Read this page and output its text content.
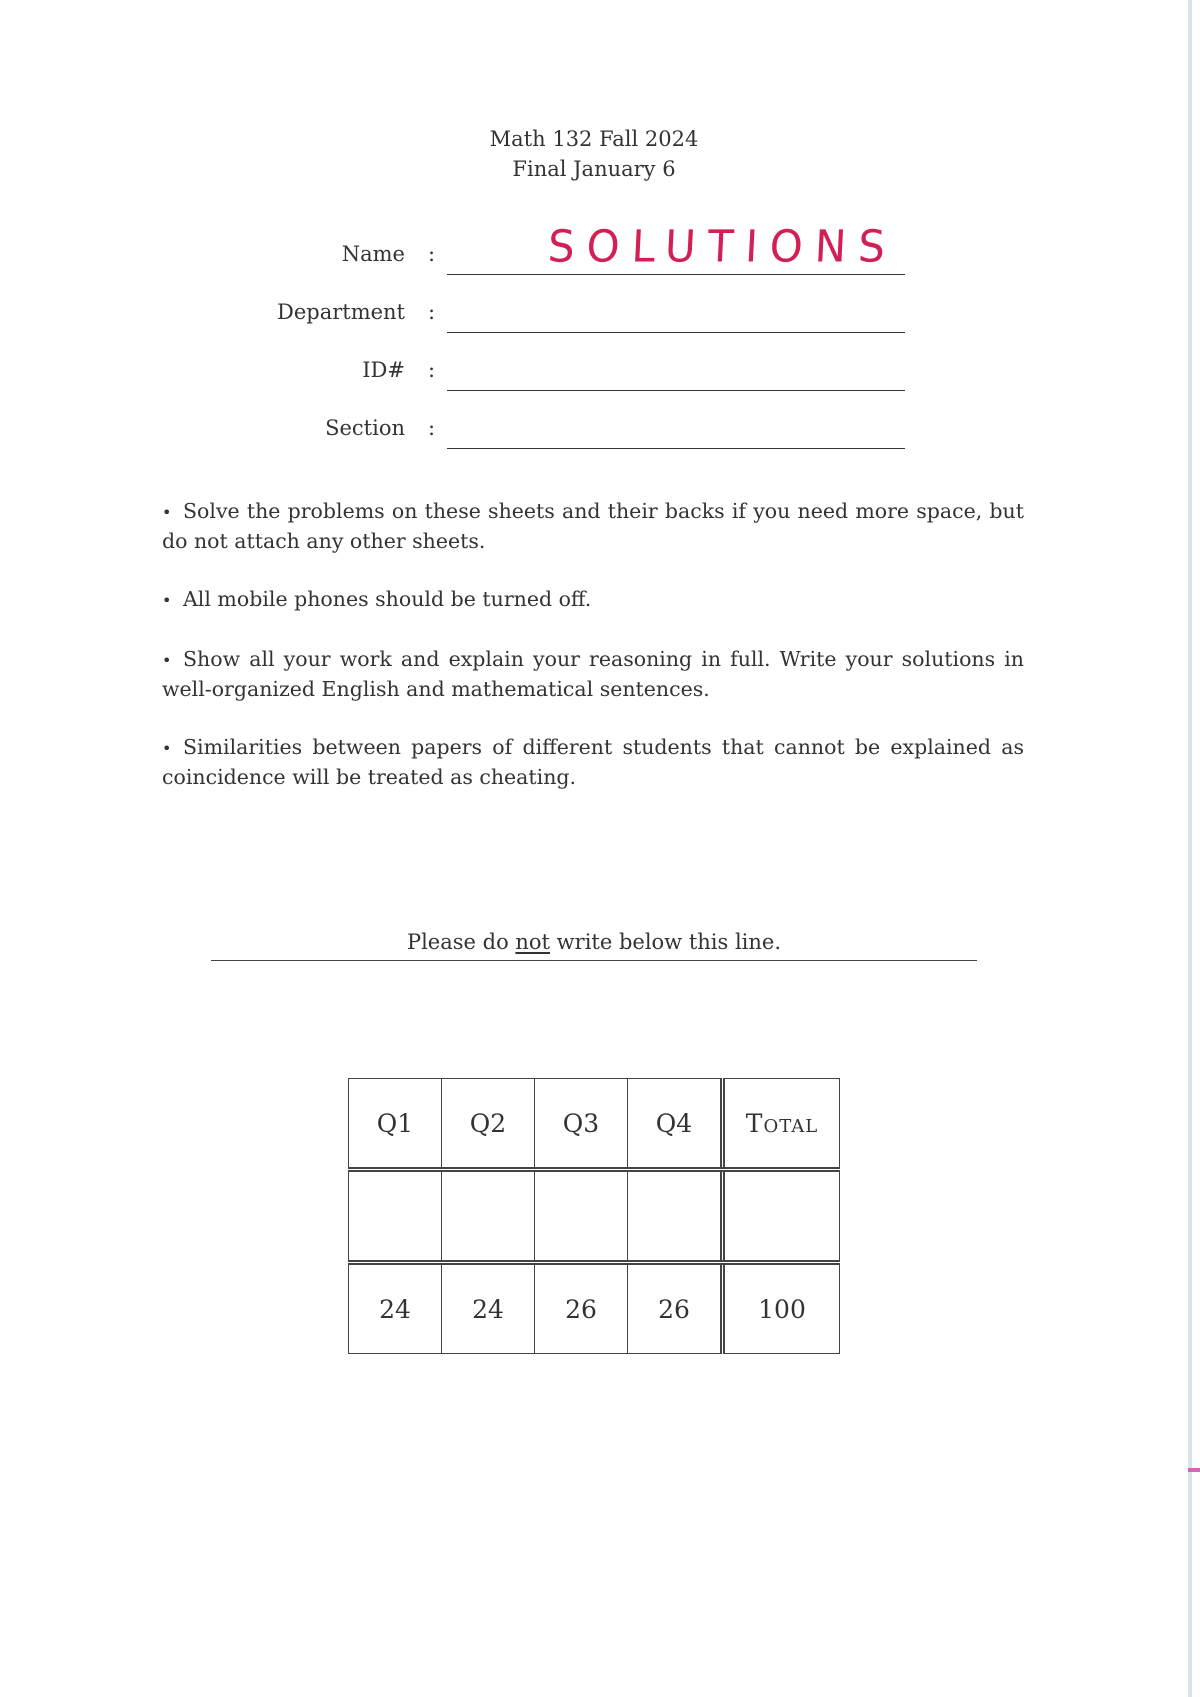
Math 132 Fall 2024
Final January 6
Name :	SOLUTIONS
Department :
ID# :
Section :

• Solve the problems on these sheets and their backs if you need more space, but do not attach any other sheets.

• All mobile phones should be turned off.

• Show all your work and explain your reasoning in full. Write your solutions in well-organized English and mathematical sentences.

• Similarities between papers of different students that cannot be explained as coincidence will be treated as cheating.

Please do not write below this line.
Q1	Q2	Q3	Q4	Total

24	24	26	26	100
